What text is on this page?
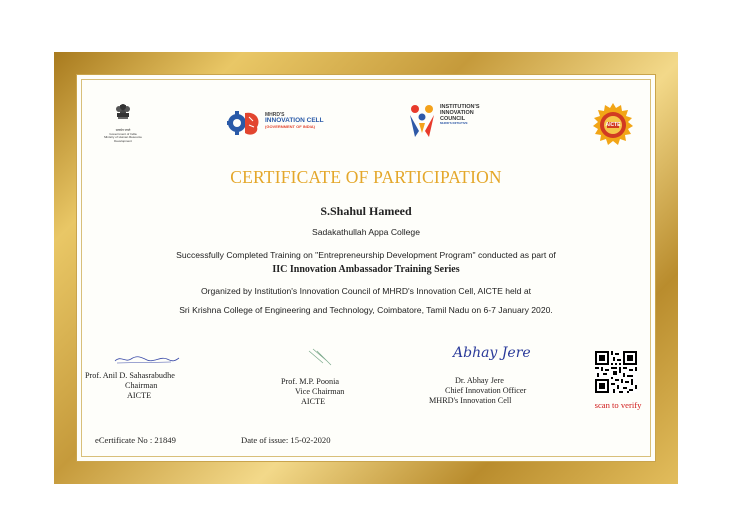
सत्यमेव जयते
Government of India
Ministry of Human Resource
Development
MHRD'S
INNOVATION CELL
(GOVERNMENT OF INDIA)
INSTITUTION'S
INNOVATION
COUNCIL
MHRD'S INITIATIVE	AICTE
CERTIFICATE OF PARTICIPATION
S.Shahul Hameed
Sadakathullah Appa College
Successfully Completed Training on "Entrepreneurship Development Program" conducted as part of
IIC Innovation Ambassador Training Series
Organized by Institution's Innovation Council of MHRD's Innovation Cell, AICTE held at
Sri Krishna College of Engineering and Technology, Coimbatore, Tamil Nadu on 6-7 January 2020.
Prof. Anil D. Sahasrabudhe
Chairman
AICTE
Prof. M.P. Poonia
Vice Chairman
AICTE
Abhay Jere
Dr. Abhay Jere
Chief Innovation Officer
MHRD's Innovation Cell	scan to verify
eCertificate No : 21849	Date of issue: 15-02-2020
